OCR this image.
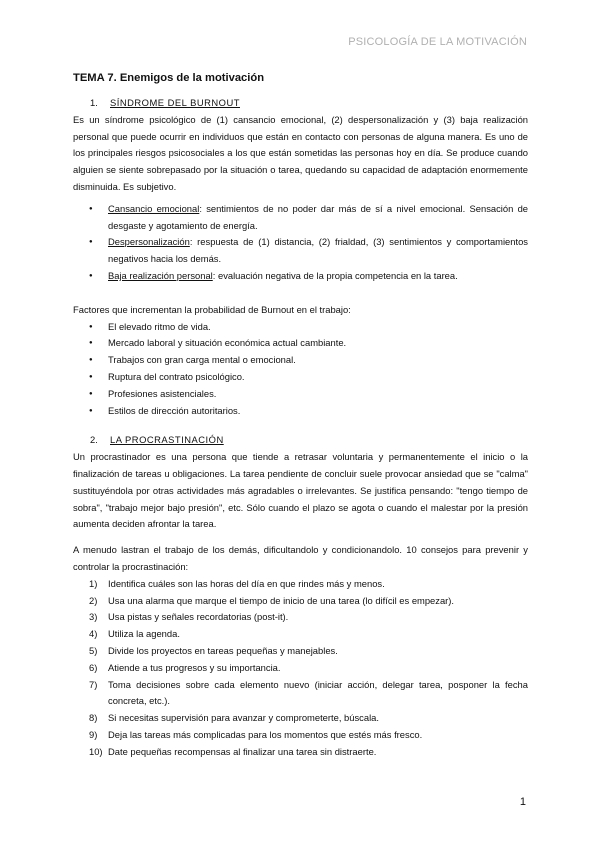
PSICOLOGÍA DE LA MOTIVACIÓN
TEMA 7. Enemigos de la motivación
1. SÍNDROME DEL BURNOUT

Es un síndrome psicológico de (1) cansancio emocional, (2) despersonalización y (3) baja realización personal que puede ocurrir en individuos que están en contacto con personas de alguna manera. Es uno de los principales riesgos psicosociales a los que están sometidas las personas hoy en día. Se produce cuando alguien se siente sobrepasado por la situación o tarea, quedando su capacidad de adaptación enormemente disminuida. Es subjetivo.

● Cansancio emocional: sentimientos de no poder dar más de sí a nivel emocional. Sensación de desgaste y agotamiento de energía.
● Despersonalización: respuesta de (1) distancia, (2) frialdad, (3) sentimientos y comportamientos negativos hacia los demás.
● Baja realización personal: evaluación negativa de la propia competencia en la tarea.

Factores que incrementan la probabilidad de Burnout en el trabajo:

● El elevado ritmo de vida.
● Mercado laboral y situación económica actual cambiante.
● Trabajos con gran carga mental o emocional.
● Ruptura del contrato psicológico.
● Profesiones asistenciales.
● Estilos de dirección autoritarios.
2. LA PROCRASTINACIÓN

Un procrastinador es una persona que tiende a retrasar voluntaria y permanentemente el inicio o la finalización de tareas u obligaciones. La tarea pendiente de concluir suele provocar ansiedad que se "calma" sustituyéndola por otras actividades más agradables o irrelevantes. Se justifica pensando: "tengo tiempo de sobra", "trabajo mejor bajo presión", etc. Sólo cuando el plazo se agota o cuando el malestar por la presión aumenta deciden afrontar la tarea.

A menudo lastran el trabajo de los demás, dificultandolo y condicionandolo. 10 consejos para prevenir y controlar la procrastinación:

1) Identifica cuáles son las horas del día en que rindes más y menos.
2) Usa una alarma que marque el tiempo de inicio de una tarea (lo difícil es empezar).
3) Usa pistas y señales recordatorias (post-it).
4) Utiliza la agenda.
5) Divide los proyectos en tareas pequeñas y manejables.
6) Atiende a tus progresos y su importancia.
7) Toma decisiones sobre cada elemento nuevo (iniciar acción, delegar tarea, posponer la fecha concreta, etc.).
8) Si necesitas supervisión para avanzar y comprometerte, búscala.
9) Deja las tareas más complicadas para los momentos que estés más fresco.
10) Date pequeñas recompensas al finalizar una tarea sin distraerte.
1
